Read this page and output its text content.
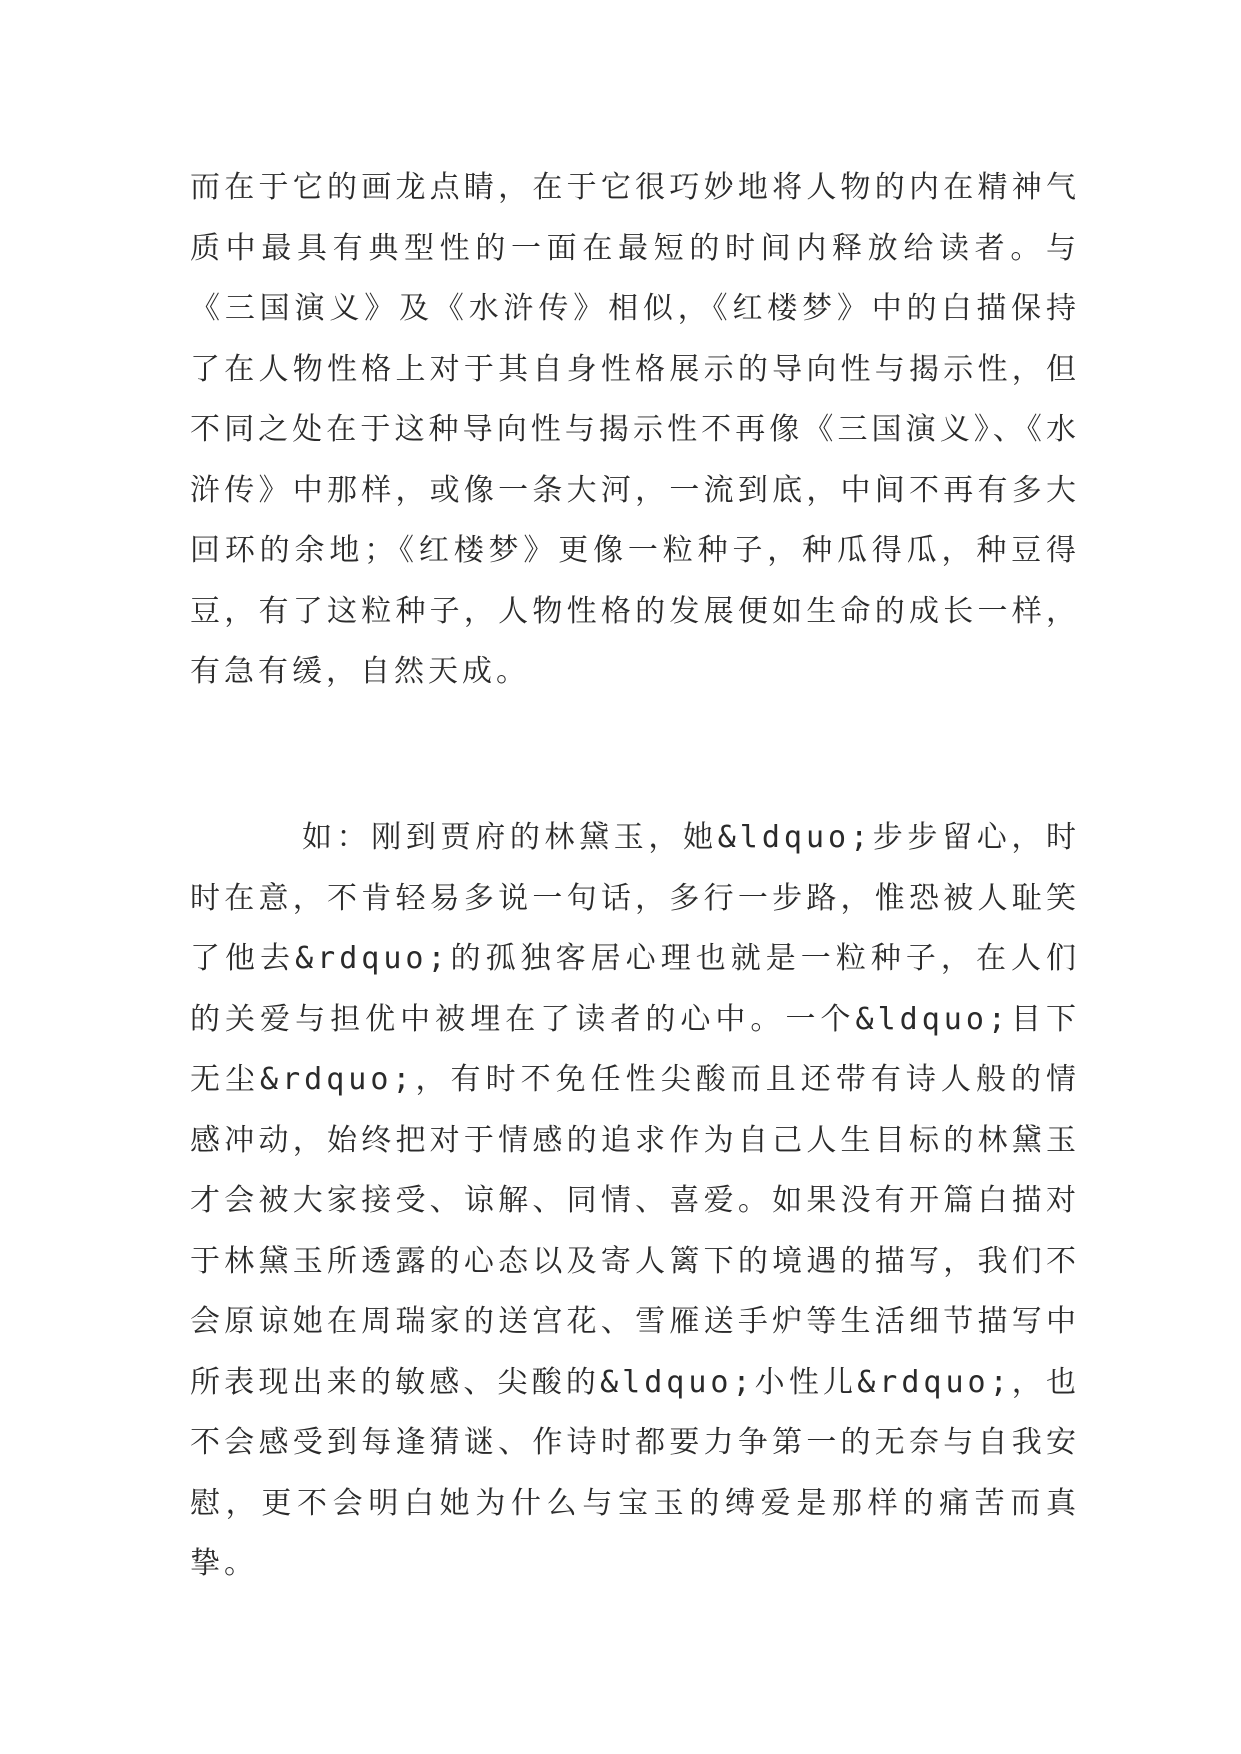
而在于它的画龙点睛，在于它很巧妙地将人物的内在精神气质中最具有典型性的一面在最短的时间内释放给读者。与《三国演义》及《水浒传》相似，《红楼梦》中的白描保持了在人物性格上对于其自身性格展示的导向性与揭示性，但不同之处在于这种导向性与揭示性不再像《三国演义》、《水浒传》中那样，或像一条大河，一流到底，中间不再有多大回环的余地；《红楼梦》更像一粒种子，种瓜得瓜，种豆得豆，有了这粒种子，人物性格的发展便如生命的成长一样，有急有缓，自然天成。

如：刚到贾府的林黛玉，她&ldquo;步步留心，时时在意，不肯轻易多说一句话，多行一步路，惟恐被人耻笑了他去&rdquo;的孤独客居心理也就是一粒种子，在人们的关爱与担优中被埋在了读者的心中。一个&ldquo;目下无尘&rdquo;，有时不免任性尖酸而且还带有诗人般的情感冲动，始终把对于情感的追求作为自己人生目标的林黛玉才会被大家接受、谅解、同情、喜爱。如果没有开篇白描对于林黛玉所透露的心态以及寄人篱下的境遇的描写，我们不会原谅她在周瑞家的送宫花、雪雁送手炉等生活细节描写中所表现出来的敏感、尖酸的&ldquo;小性儿&rdquo;，也不会感受到每逢猜谜、作诗时都要力争第一的无奈与自我安慰，更不会明白她为什么与宝玉的缚爱是那样的痛苦而真挚。
